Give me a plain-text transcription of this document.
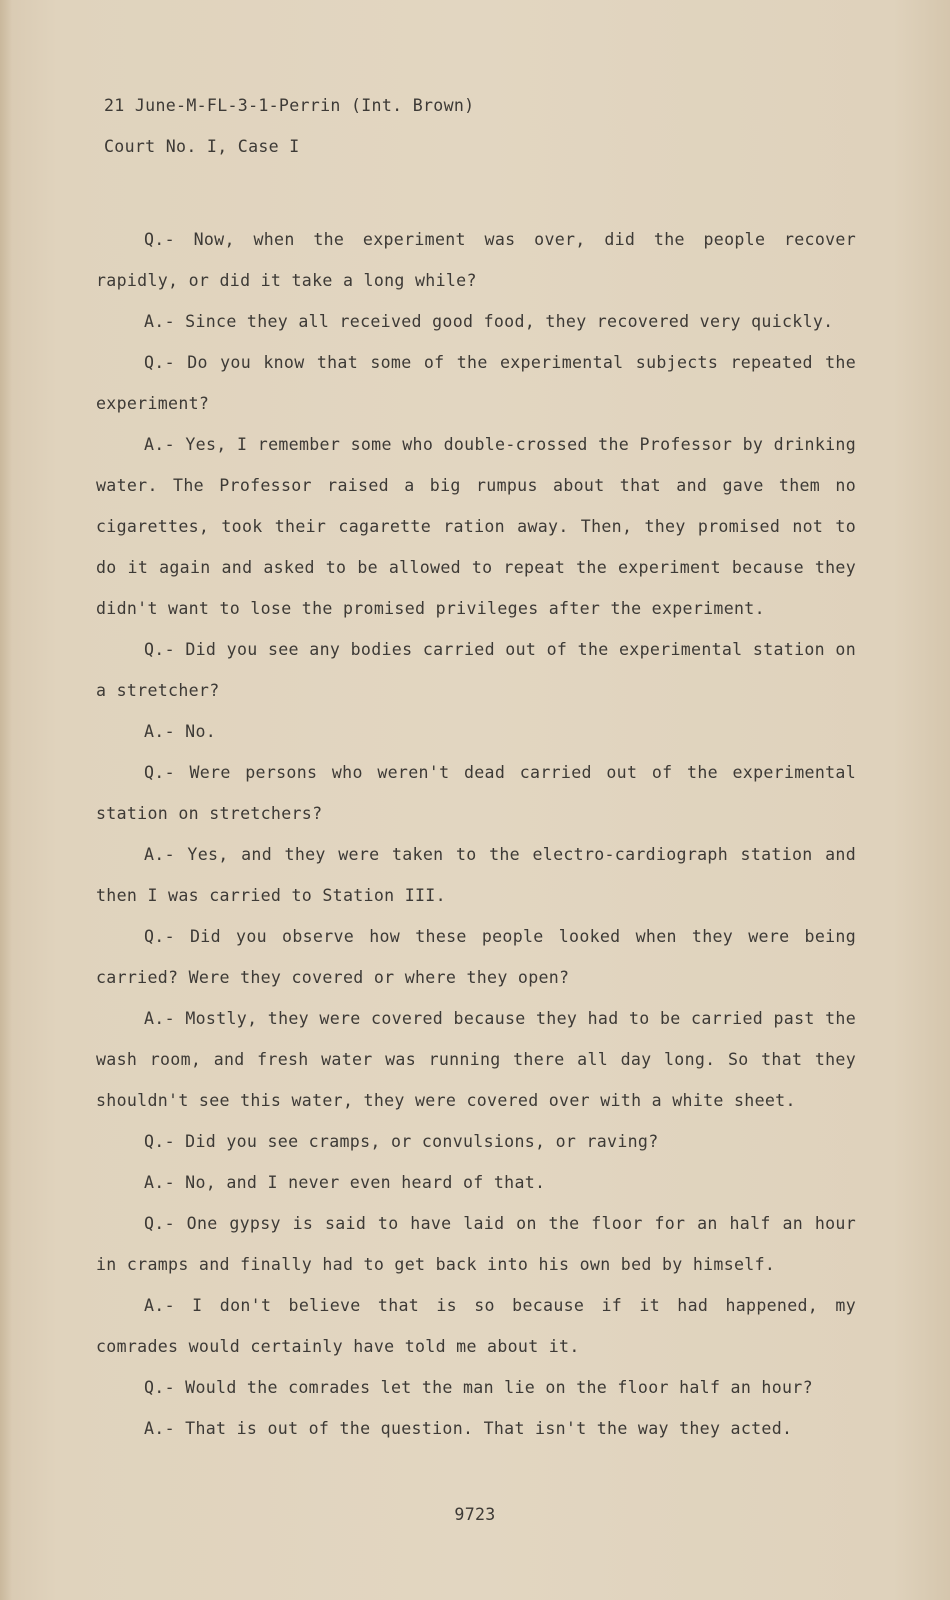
21 June-M-FL-3-1-Perrin (Int. Brown)
Court No. I, Case I

Q.- Now, when the experiment was over, did the people recover rapidly, or did it take a long while?

A.- Since they all received good food, they recovered very quickly.

Q.- Do you know that some of the experimental subjects repeated the experiment?

A.- Yes, I remember some who double-crossed the Professor by drinking water. The Professor raised a big rumpus about that and gave them no cigarettes, took their cagarette ration away. Then, they promised not to do it again and asked to be allowed to repeat the experiment because they didn't want to lose the promised privileges after the experiment.

Q.- Did you see any bodies carried out of the experimental station on a stretcher?

A.- No.

Q.- Were persons who weren't dead carried out of the experimental station on stretchers?

A.- Yes, and they were taken to the electro-cardiograph station and then I was carried to Station III.

Q.- Did you observe how these people looked when they were being carried? Were they covered or where they open?

A.- Mostly, they were covered because they had to be carried past the wash room, and fresh water was running there all day long. So that they shouldn't see this water, they were covered over with a white sheet.

Q.- Did you see cramps, or convulsions, or raving?

A.- No, and I never even heard of that.

Q.- One gypsy is said to have laid on the floor for an half an hour in cramps and finally had to get back into his own bed by himself.

A.- I don't believe that is so because if it had happened, my comrades would certainly have told me about it.

Q.- Would the comrades let the man lie on the floor half an hour?

A.- That is out of the question. That isn't the way they acted.

9723
